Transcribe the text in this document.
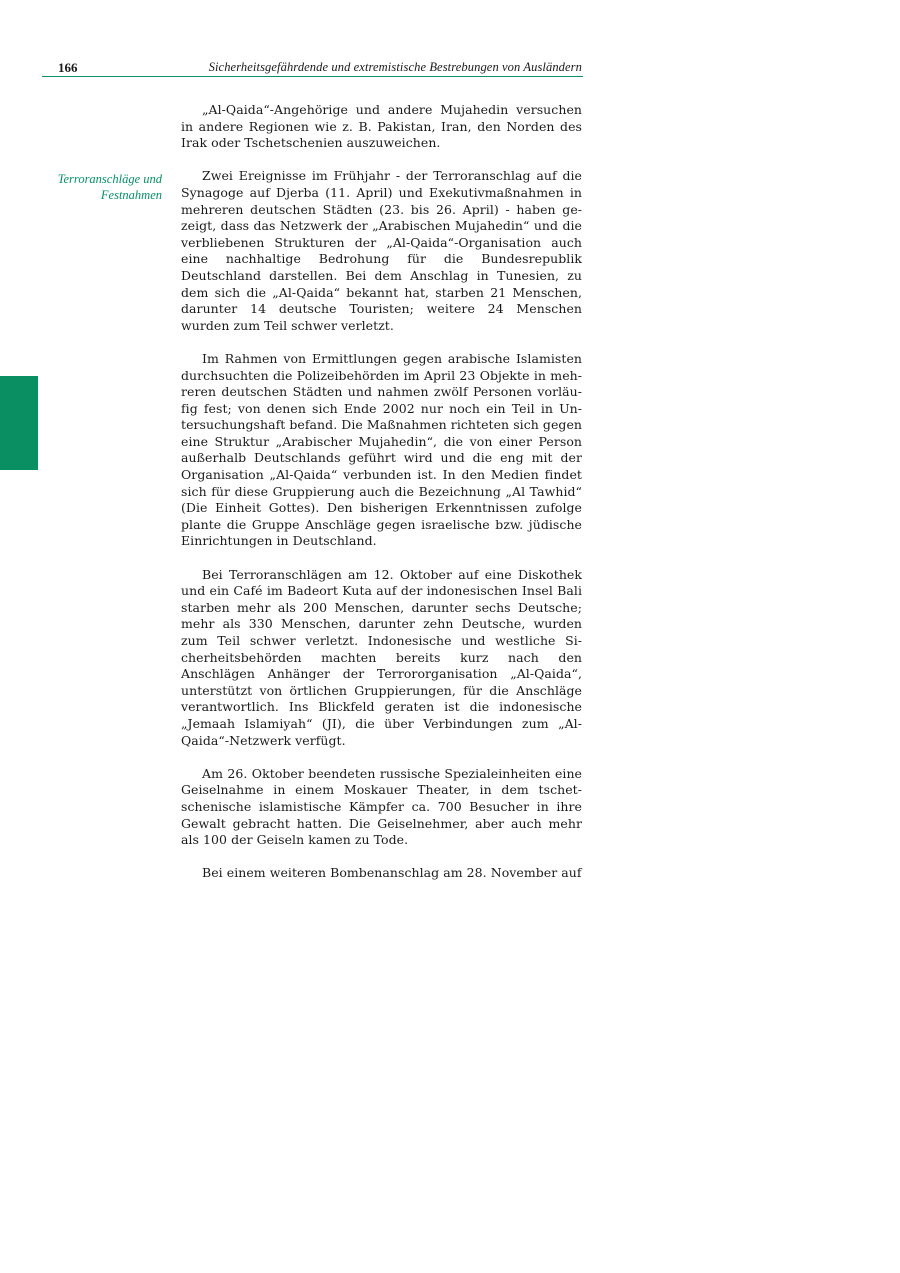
166	Sicherheitsgefährdende und extremistische Bestrebungen von Ausländern
Terroranschläge und
Festnahmen

„Al-Qaida“-Angehörige und andere Mujahedin versuchen in andere Regionen wie z. B. Pakistan, Iran, den Norden des Irak oder Tschetschenien auszuweichen.

Zwei Ereignisse im Frühjahr - der Terroranschlag auf die Synagoge auf Djerba (11. April) und Exekutivmaßnahmen in mehreren deutschen Städten (23. bis 26. April) - haben gezeigt, dass das Netzwerk der „Arabischen Mujahedin“ und die verbliebenen Strukturen der „Al-Qaida“-Organisation auch eine nachhaltige Bedrohung für die Bundesrepublik Deutschland darstellen. Bei dem Anschlag in Tunesien, zu dem sich die „Al-Qaida“ bekannt hat, starben 21 Menschen, darunter 14 deutsche Touristen; weitere 24 Menschen wurden zum Teil schwer verletzt.

Im Rahmen von Ermittlungen gegen arabische Islamisten durchsuchten die Polizeibehörden im April 23 Objekte in mehreren deutschen Städten und nahmen zwölf Personen vorläufig fest; von denen sich Ende 2002 nur noch ein Teil in Untersuchungshaft befand. Die Maßnahmen richteten sich gegen eine Struktur „Arabischer Mujahedin“, die von einer Person außerhalb Deutschlands geführt wird und die eng mit der Organisation „Al-Qaida“ verbunden ist. In den Medien findet sich für diese Gruppierung auch die Bezeichnung „Al Tawhid“ (Die Einheit Gottes). Den bisherigen Erkenntnissen zufolge plante die Gruppe Anschläge gegen israelische bzw. jüdische Einrichtungen in Deutschland.

Bei Terroranschlägen am 12. Oktober auf eine Diskothek und ein Café im Badeort Kuta auf der indonesischen Insel Bali starben mehr als 200 Menschen, darunter sechs Deutsche; mehr als 330 Menschen, darunter zehn Deutsche, wurden zum Teil schwer verletzt. Indonesische und westliche Sicherheitsbehörden machten bereits kurz nach den Anschlägen Anhänger der Terrororganisation „Al-Qaida“, unterstützt von örtlichen Gruppierungen, für die Anschläge verantwortlich. Ins Blickfeld geraten ist die indonesische „Jemaah Islamiyah“ (JI), die über Verbindungen zum „Al-Qaida“-Netzwerk verfügt.

Am 26. Oktober beendeten russische Spezialeinheiten eine Geiselnahme in einem Moskauer Theater, in dem tschetschenische islamistische Kämpfer ca. 700 Besucher in ihre Gewalt gebracht hatten. Die Geiselnehmer, aber auch mehr als 100 der Geiseln kamen zu Tode.

Bei einem weiteren Bombenanschlag am 28. November auf
